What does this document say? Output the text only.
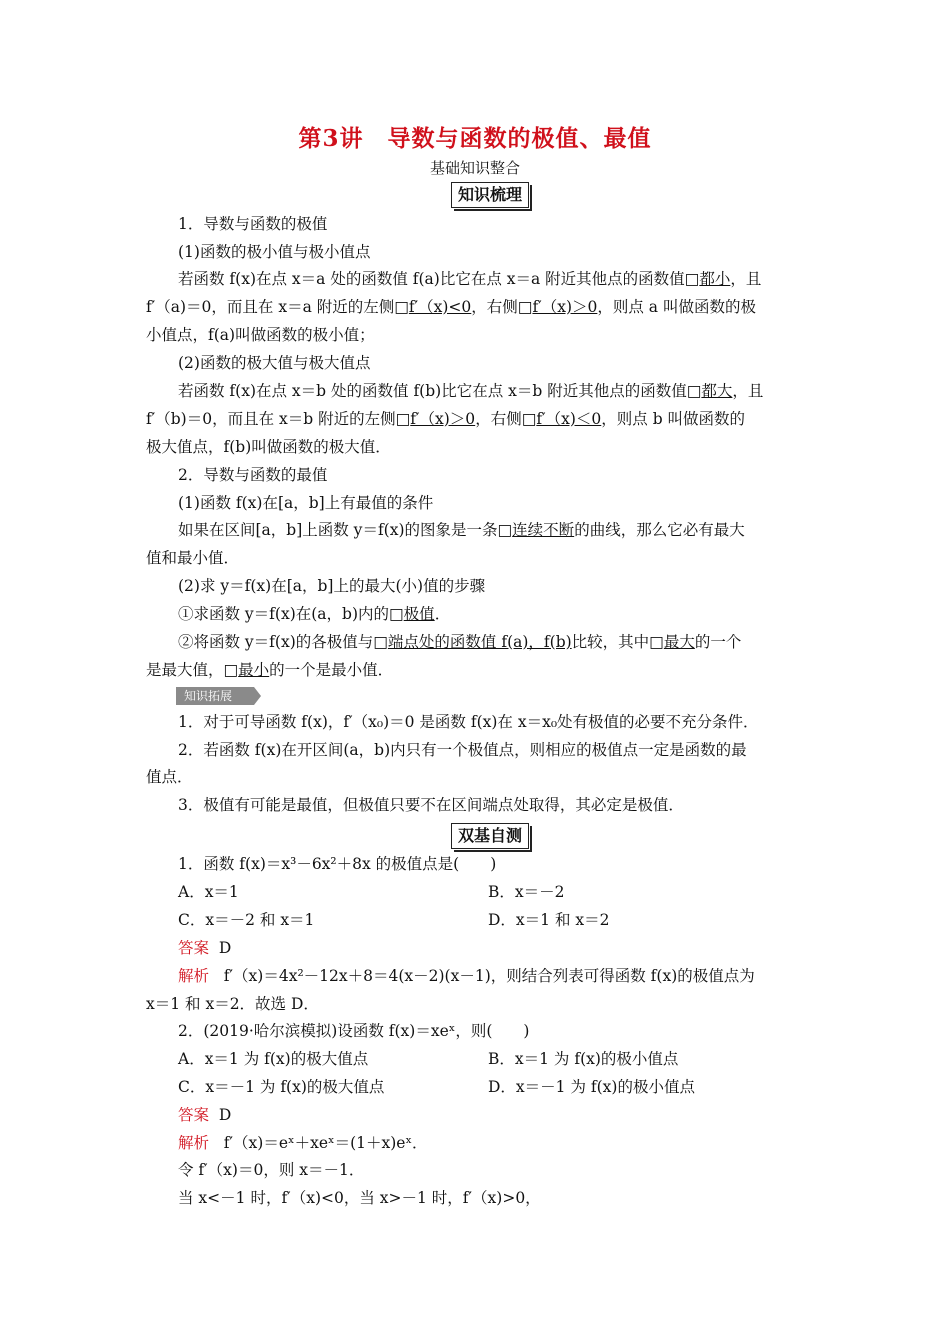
第3讲　导数与函数的极值、最值
基础知识整合
知识梳理
1．导数与函数的极值
(1)函数的极小值与极小值点
若函数 f(x)在点 x＝a 处的函数值 f(a)比它在点 x＝a 附近其他点的函数值□都小，且
f′（a)＝0，而且在 x＝a 附近的左侧□f′（x)<0，右侧□f′（x)＞0，则点 a 叫做函数的极
小值点，f(a)叫做函数的极小值；
(2)函数的极大值与极大值点
若函数 f(x)在点 x＝b 处的函数值 f(b)比它在点 x＝b 附近其他点的函数值□都大，且
f′（b)＝0，而且在 x＝b 附近的左侧□f′（x)＞0，右侧□f′（x)＜0，则点 b 叫做函数的
极大值点，f(b)叫做函数的极大值．
2．导数与函数的最值
(1)函数 f(x)在[a，b]上有最值的条件
如果在区间[a，b]上函数 y＝f(x)的图象是一条□连续不断的曲线，那么它必有最大
值和最小值．
(2)求 y＝f(x)在[a，b]上的最大(小)值的步骤
①求函数 y＝f(x)在(a，b)内的□极值．
②将函数 y＝f(x)的各极值与□端点处的函数值 f(a)，f(b)比较，其中□最大的一个
是最大值，□最小的一个是最小值．
知识拓展
1．对于可导函数 f(x)，f′（x₀)＝0 是函数 f(x)在 x＝x₀处有极值的必要不充分条件．
2．若函数 f(x)在开区间(a，b)内只有一个极值点，则相应的极值点一定是函数的最
值点．
3．极值有可能是最值，但极值只要不在区间端点处取得，其必定是极值．
双基自测
1．函数 f(x)＝x³－6x²＋8x 的极值点是(　　)
A．x＝1	B．x＝－2
C．x＝－2 和 x＝1	D．x＝1 和 x＝2
答案 D
解析 f′（x)＝4x²－12x＋8＝4(x－2)(x－1)，则结合列表可得函数 f(x)的极值点为
x＝1 和 x＝2．故选 D．
2．(2019·哈尔滨模拟)设函数 f(x)＝xeˣ，则(　　)
A．x＝1 为 f(x)的极大值点	B．x＝1 为 f(x)的极小值点
C．x＝－1 为 f(x)的极大值点	D．x＝－1 为 f(x)的极小值点
答案 D
解析 f′（x)＝eˣ＋xeˣ＝(1＋x)eˣ．
令 f′（x)＝0，则 x＝－1．
当 x<－1 时，f′（x)<0，当 x>－1 时，f′（x)>0，
